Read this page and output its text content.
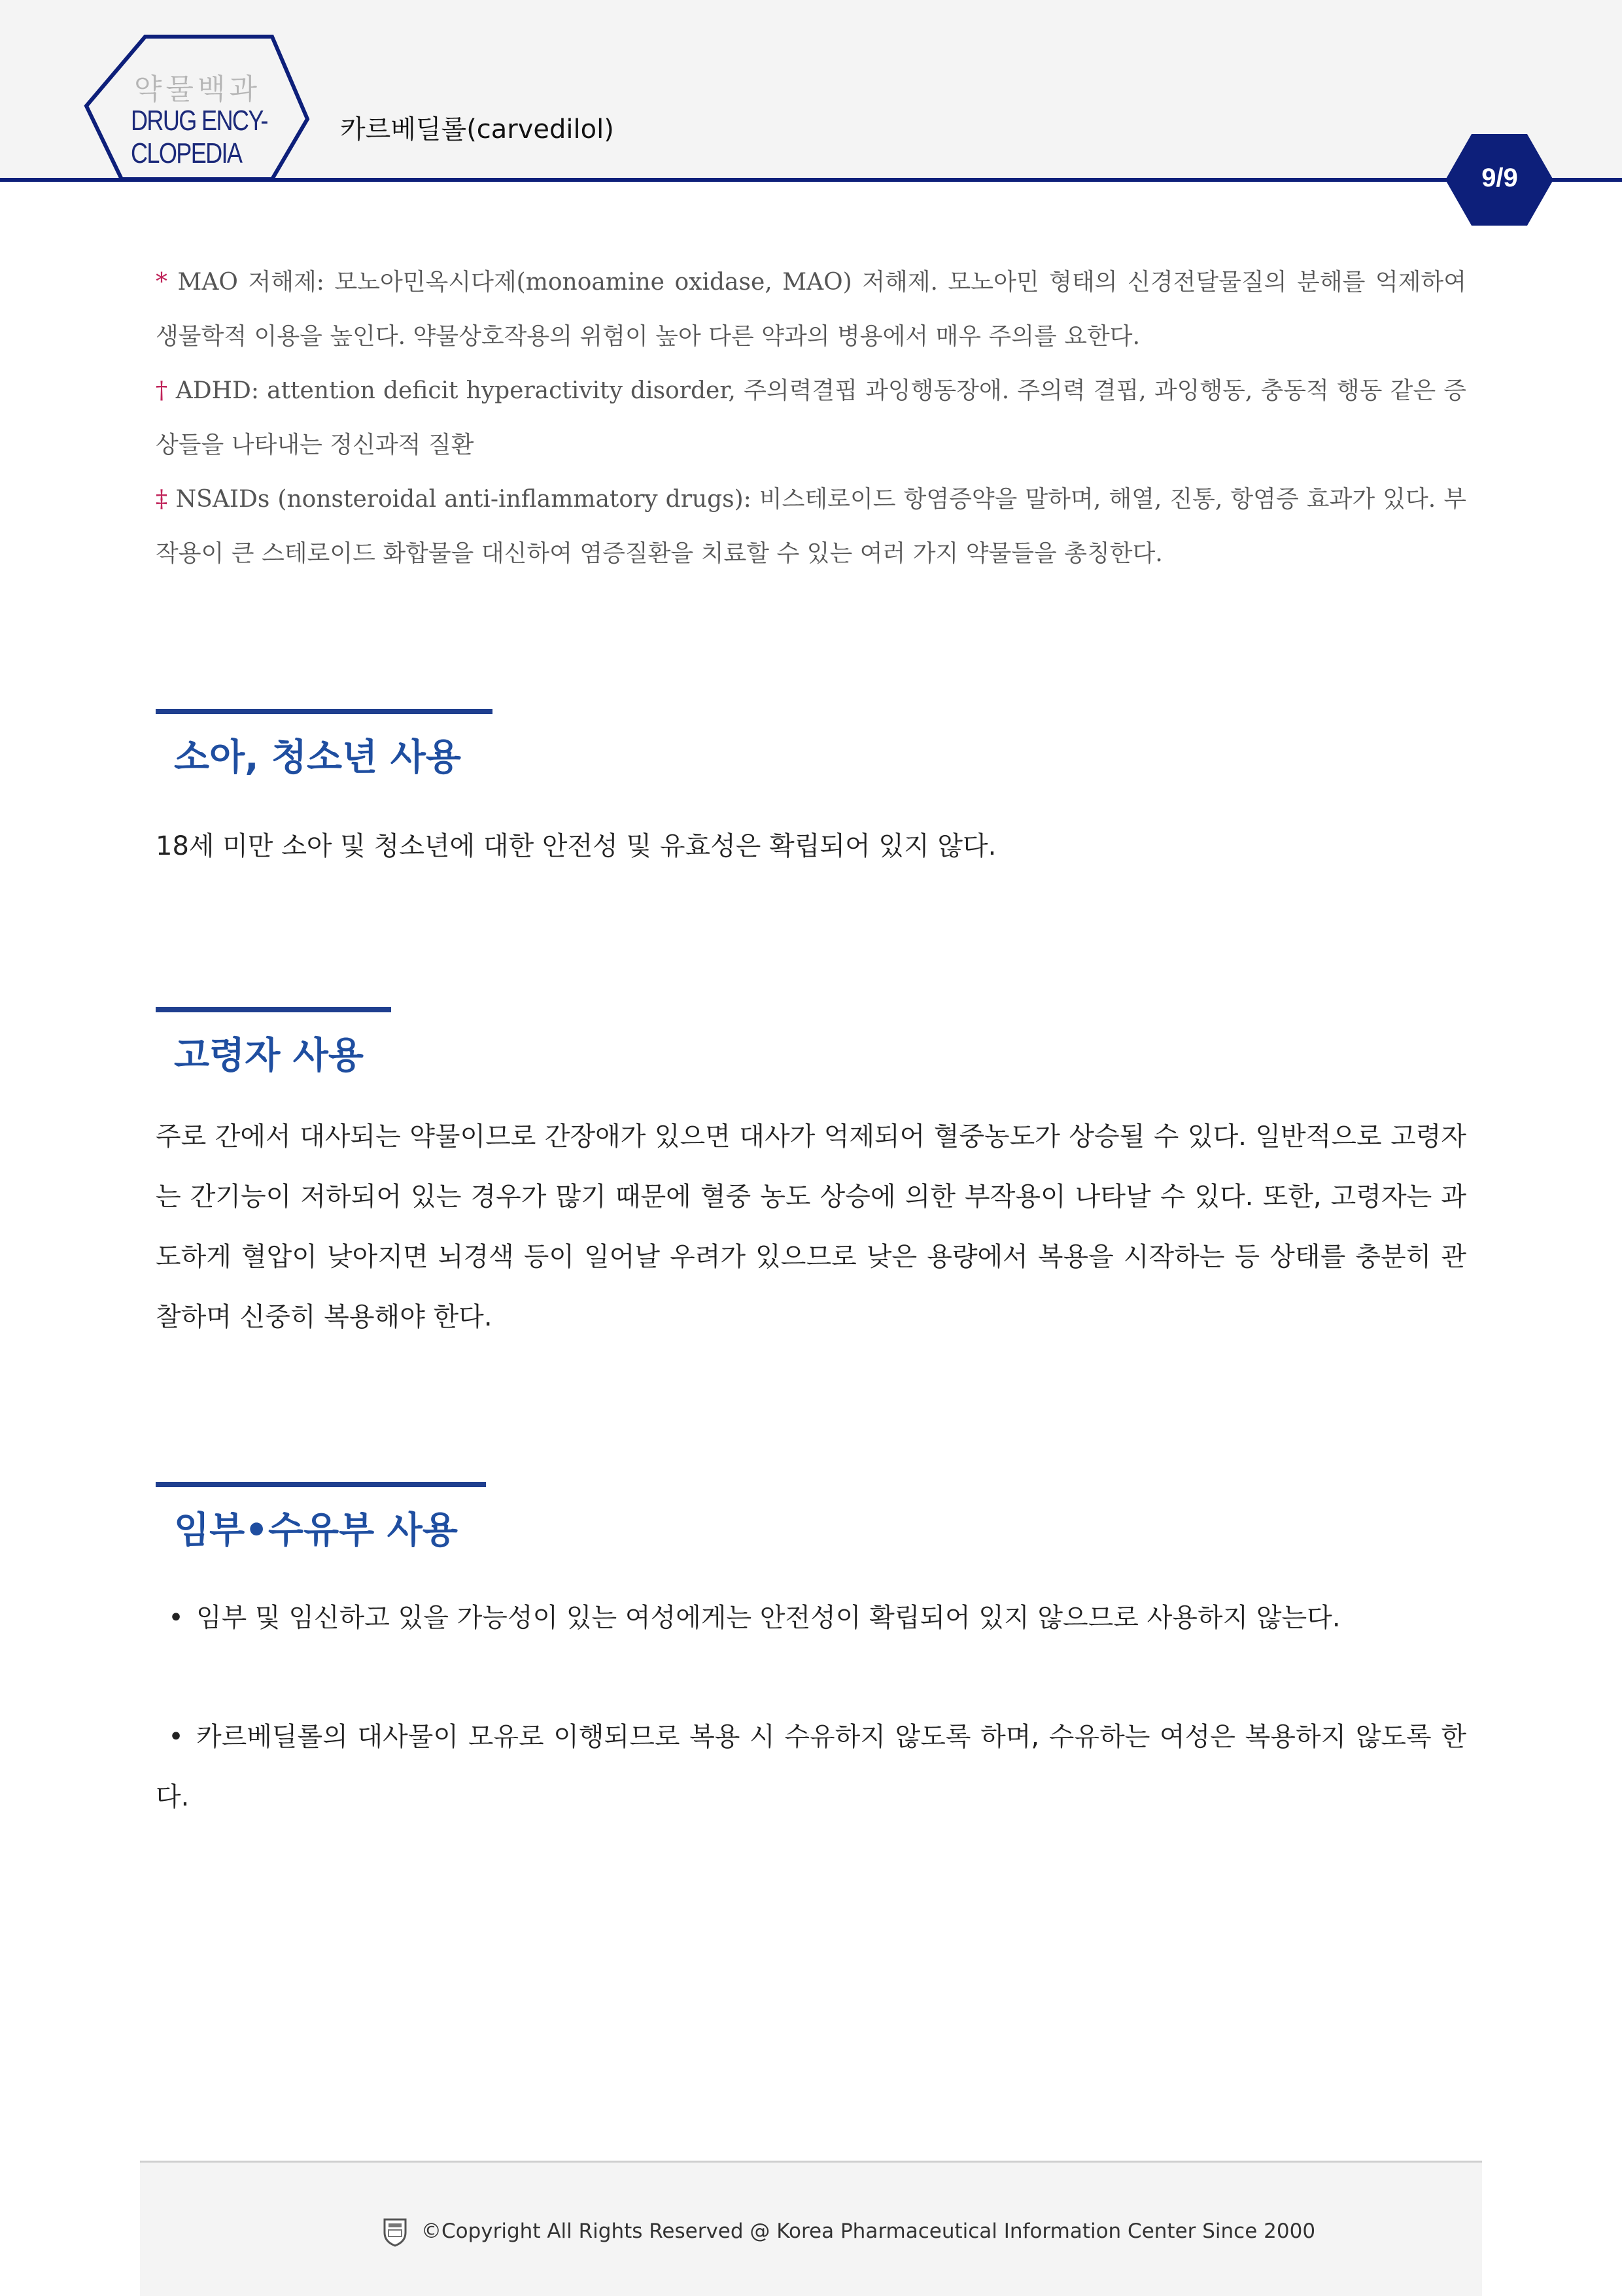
약물백과
DRUG ENCY-
CLOPEDIA
카르베딜롤(carvedilol)
9/9

* MAO 저해제: 모노아민옥시다제(monoamine oxidase, MAO) 저해제. 모노아민 형태의 신경전달물질의 분해를 억제하여 생물학적 이용을 높인다. 약물상호작용의 위험이 높아 다른 약과의 병용에서 매우 주의를 요한다.

† ADHD: attention deficit hyperactivity disorder, 주의력결핍 과잉행동장애. 주의력 결핍, 과잉행동, 충동적 행동 같은 증상들을 나타내는 정신과적 질환

‡ NSAIDs (nonsteroidal anti-inflammatory drugs): 비스테로이드 항염증약을 말하며, 해열, 진통, 항염증 효과가 있다. 부작용이 큰 스테로이드 화합물을 대신하여 염증질환을 치료할 수 있는 여러 가지 약물들을 총칭한다.

소아, 청소년 사용

18세 미만 소아 및 청소년에 대한 안전성 및 유효성은 확립되어 있지 않다.

고령자 사용

주로 간에서 대사되는 약물이므로 간장애가 있으면 대사가 억제되어 혈중농도가 상승될 수 있다. 일반적으로 고령자는 간기능이 저하되어 있는 경우가 많기 때문에 혈중 농도 상승에 의한 부작용이 나타날 수 있다. 또한, 고령자는 과도하게 혈압이 낮아지면 뇌경색 등이 일어날 우려가 있으므로 낮은 용량에서 복용을 시작하는 등 상태를 충분히 관찰하며 신중히 복용해야 한다.

임부•수유부 사용

• 임부 및 임신하고 있을 가능성이 있는 여성에게는 안전성이 확립되어 있지 않으므로 사용하지 않는다.

• 카르베딜롤의 대사물이 모유로 이행되므로 복용 시 수유하지 않도록 하며, 수유하는 여성은 복용하지 않도록 한다.

©Copyright All Rights Reserved @ Korea Pharmaceutical Information Center Since 2000
